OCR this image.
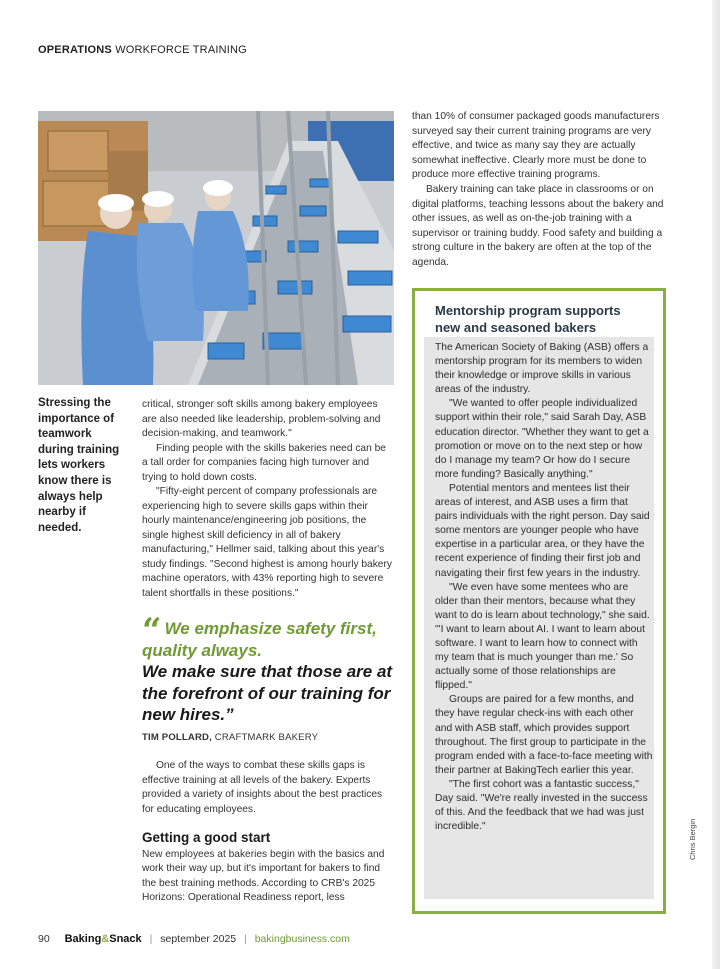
OPERATIONS WORKFORCE TRAINING
Stressing the importance of teamwork during training lets workers know there is always help nearby if needed.

critical, stronger soft skills among bakery employees are also needed like leadership, problem-solving and decision-making, and teamwork."

Finding people with the skills bakeries need can be a tall order for companies facing high turnover and trying to hold down costs.

"Fifty-eight percent of company professionals are experiencing high to severe skills gaps within their hourly maintenance/engineering job positions, the single highest skill deficiency in all of bakery manufacturing," Hellmer said, talking about this year's study findings. "Second highest is among hourly bakery machine operators, with 43% reporting high to severe talent shortfalls in these positions."

“ We emphasize safety first, quality always.
We make sure that those are at the forefront of our training for new hires.”
TIM POLLARD, CRAFTMARK BAKERY

One of the ways to combat these skills gaps is effective training at all levels of the bakery. Experts provided a variety of insights about the best practices for educating employees.

Getting a good start

New employees at bakeries begin with the basics and work their way up, but it's important for bakers to find the best training methods. According to CRB's 2025 Horizons: Operational Readiness report, less

than 10% of consumer packaged goods manufacturers surveyed say their current training programs are very effective, and twice as many say they are actually somewhat ineffective. Clearly more must be done to produce more effective training programs.

Bakery training can take place in classrooms or on digital platforms, teaching lessons about the bakery and other issues, as well as on-the-job training with a supervisor or training buddy. Food safety and building a strong culture in the bakery are often at the top of the agenda.

Mentorship program supports new and seasoned bakers

The American Society of Baking (ASB) offers a mentorship program for its members to widen their knowledge or improve skills in various areas of the industry.

"We wanted to offer people individualized support within their role," said Sarah Day, ASB education director. "Whether they want to get a promotion or move on to the next step or how do I manage my team? Or how do I secure more funding? Basically anything."

Potential mentors and mentees list their areas of interest, and ASB uses a firm that pairs individuals with the right person. Day said some mentors are younger people who have expertise in a particular area, or they have the recent experience of finding their first job and navigating their first few years in the industry.

"We even have some mentees who are older than their mentors, because what they want to do is learn about technology," she said. "'I want to learn about AI. I want to learn about software. I want to learn how to connect with my team that is much younger than me.' So actually some of those relationships are flipped."

Groups are paired for a few months, and they have regular check-ins with each other and with ASB staff, which provides support throughout. The first group to participate in the program ended with a face-to-face meeting with their partner at BakingTech earlier this year.

"The first cohort was a fantastic success," Day said. "We're really invested in the success of this. And the feedback that we had was just incredible."	Chris Bergin
90 Baking&Snack | september 2025 | bakingbusiness.com
